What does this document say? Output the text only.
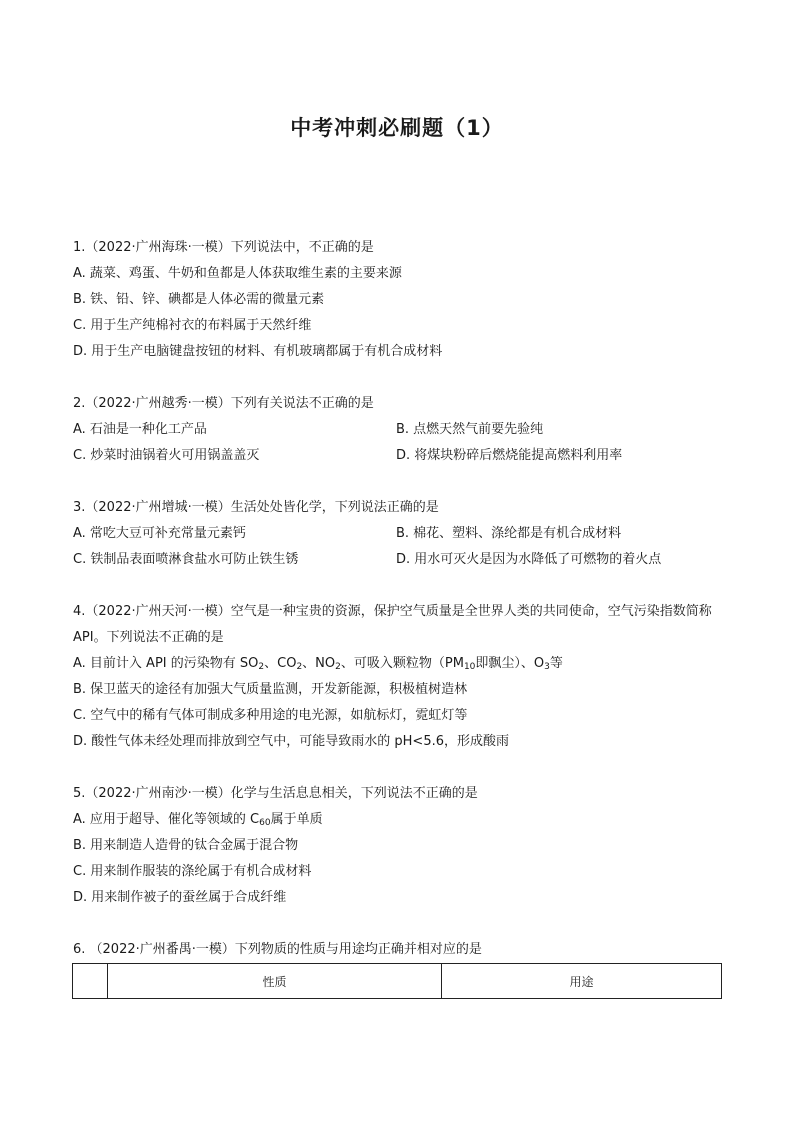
中考冲刺必刷题（1）
1.（2022·广州海珠·一模）下列说法中，不正确的是
A. 蔬菜、鸡蛋、牛奶和鱼都是人体获取维生素的主要来源
B. 铁、铅、锌、碘都是人体必需的微量元素
C. 用于生产纯棉衬衣的布料属于天然纤维
D. 用于生产电脑键盘按钮的材料、有机玻璃都属于有机合成材料
2.（2022·广州越秀·一模）下列有关说法不正确的是
A. 石油是一种化工产品	B. 点燃天然气前要先验纯
C. 炒菜时油锅着火可用锅盖盖灭	D. 将煤块粉碎后燃烧能提高燃料利用率
3.（2022·广州增城·一模）生活处处皆化学，下列说法正确的是
A. 常吃大豆可补充常量元素钙	B. 棉花、塑料、涤纶都是有机合成材料
C. 铁制品表面喷淋食盐水可防止铁生锈	D. 用水可灭火是因为水降低了可燃物的着火点
4.（2022·广州天河·一模）空气是一种宝贵的资源，保护空气质量是全世界人类的共同使命，空气污染指数简称 API。下列说法不正确的是
A. 目前计入 API 的污染物有 $SO_2$、$CO_2$、$NO_2$、可吸入颗粒物（$PM_{10}$即飘尘）、$O_3$等
B. 保卫蓝天的途径有加强大气质量监测，开发新能源，积极植树造林
C. 空气中的稀有气体可制成多种用途的电光源，如航标灯，霓虹灯等
D. 酸性气体未经处理而排放到空气中，可能导致雨水的 pH<5.6，形成酸雨
5.（2022·广州南沙·一模）化学与生活息息相关，下列说法不正确的是
A. 应用于超导、催化等领域的 $C_{60}$属于单质
B. 用来制造人造骨的钛合金属于混合物
C. 用来制作服装的涤纶属于有机合成材料
D. 用来制作被子的蚕丝属于合成纤维
6. （2022·广州番禺·一模）下列物质的性质与用途均正确并相对应的是
	性质	用途
